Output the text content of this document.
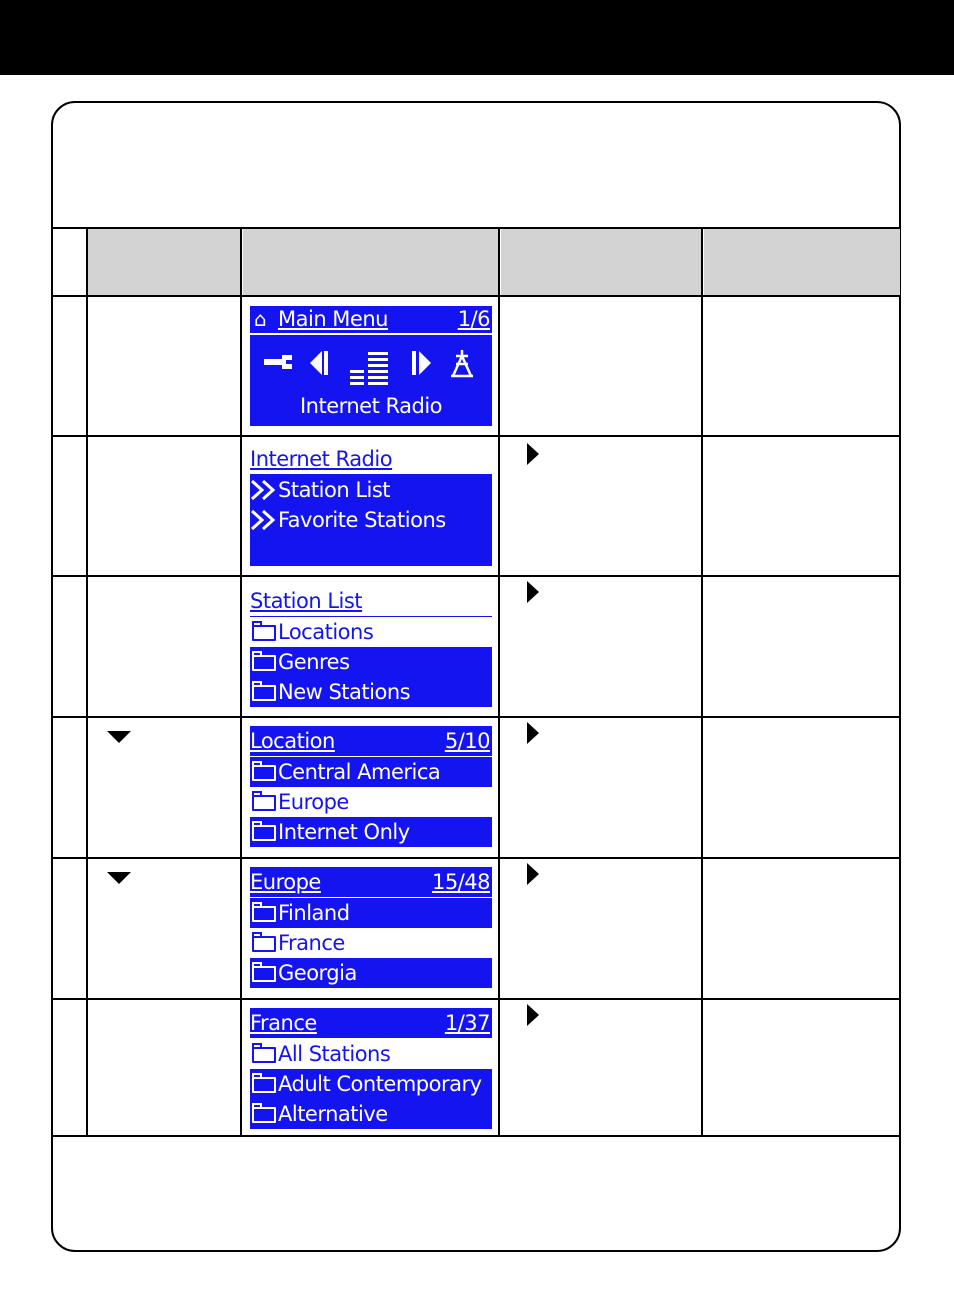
⌂ Main Menu	1/6
Internet Radio
Internet Radio
Station List
Favorite Stations
Station List
Locations
Genres
New Stations
Location	5/10
Central America
Europe
Internet Only
Europe	15/48
Finland
France
Georgia
France	1/37
All Stations
Adult Contemporary
Alternative
